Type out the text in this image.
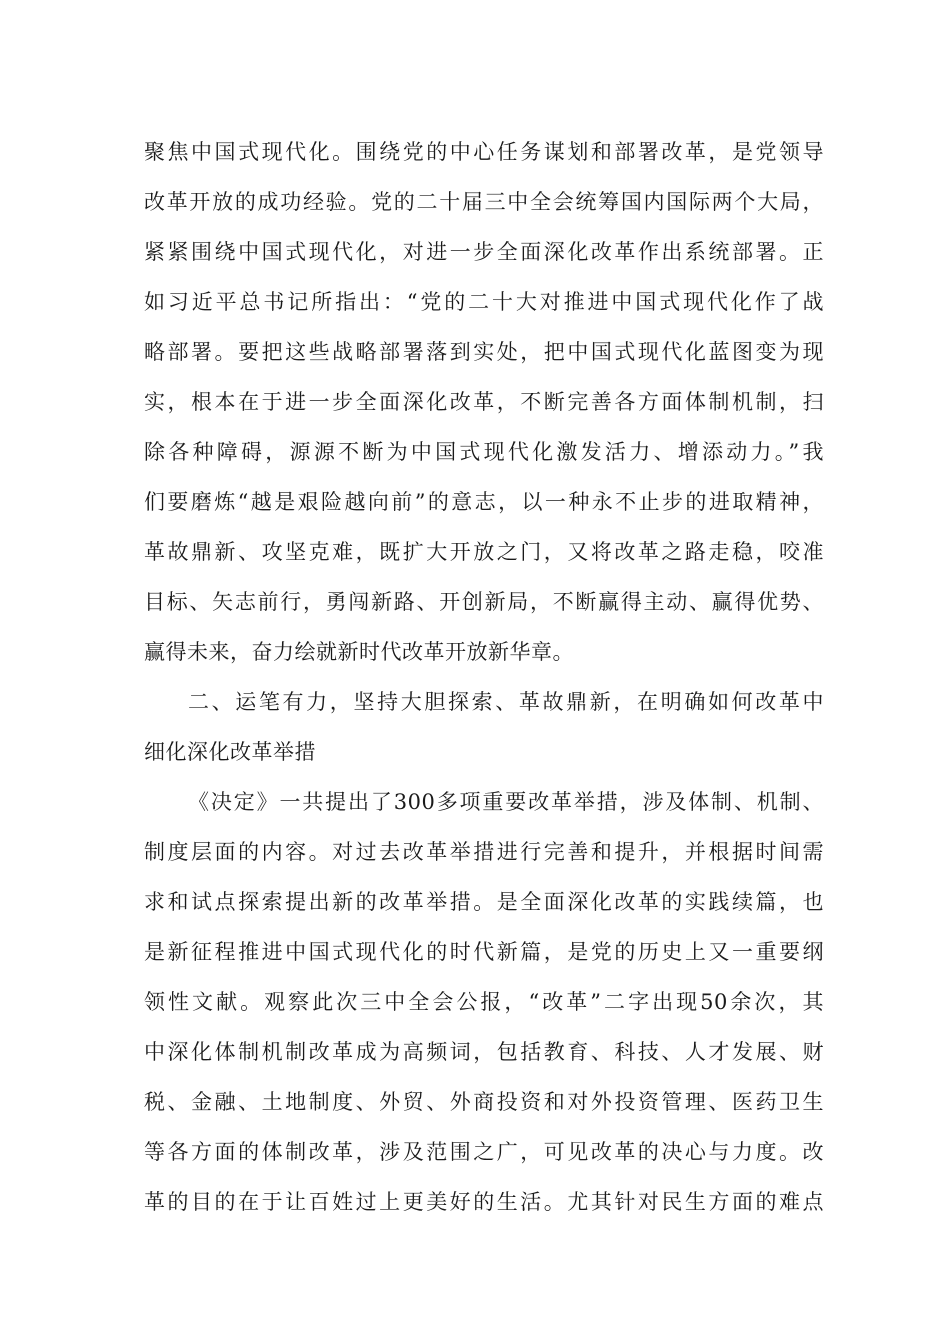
聚焦中国式现代化。围绕党的中心任务谋划和部署改革，是党领导
改革开放的成功经验。党的二十届三中全会统筹国内国际两个大局，
紧紧围绕中国式现代化，对进一步全面深化改革作出系统部署。正
如习近平总书记所指出：“党的二十大对推进中国式现代化作了战
略部署。要把这些战略部署落到实处，把中国式现代化蓝图变为现
实，根本在于进一步全面深化改革，不断完善各方面体制机制，扫
除各种障碍，源源不断为中国式现代化激发活力、增添动力。”我
们要磨炼“越是艰险越向前”的意志，以一种永不止步的进取精神，
革故鼎新、攻坚克难，既扩大开放之门，又将改革之路走稳，咬准
目标、矢志前行，勇闯新路、开创新局，不断赢得主动、赢得优势、
赢得未来，奋力绘就新时代改革开放新华章。
二、运笔有力，坚持大胆探索、革故鼎新，在明确如何改革中
细化深化改革举措
《决定》一共提出了300多项重要改革举措，涉及体制、机制、
制度层面的内容。对过去改革举措进行完善和提升，并根据时间需
求和试点探索提出新的改革举措。是全面深化改革的实践续篇，也
是新征程推进中国式现代化的时代新篇，是党的历史上又一重要纲
领性文献。观察此次三中全会公报，“改革”二字出现50余次，其
中深化体制机制改革成为高频词，包括教育、科技、人才发展、财
税、金融、土地制度、外贸、外商投资和对外投资管理、医药卫生
等各方面的体制改革，涉及范围之广，可见改革的决心与力度。改
革的目的在于让百姓过上更美好的生活。尤其针对民生方面的难点
